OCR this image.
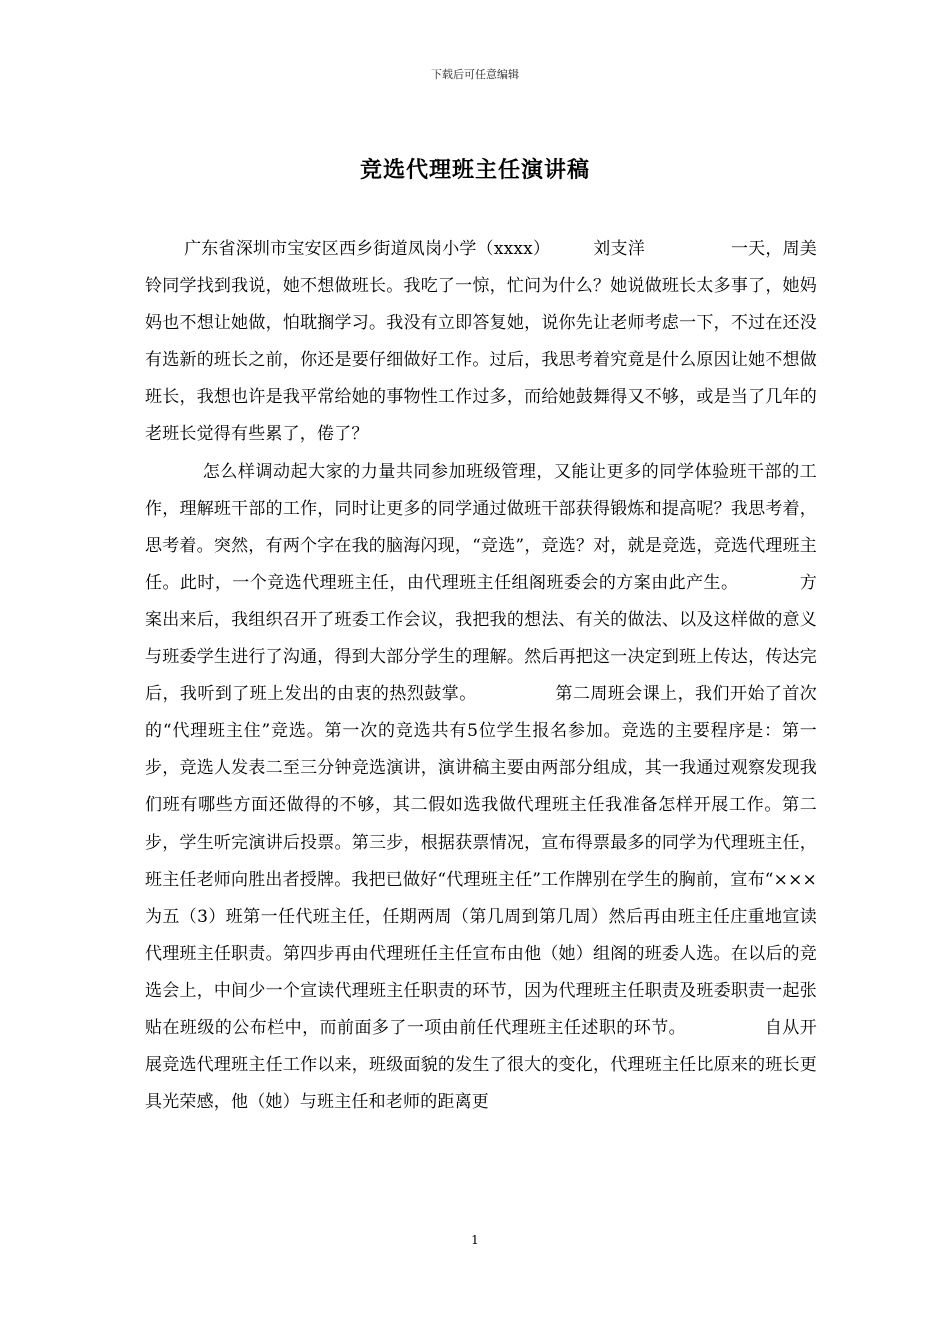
下载后可任意编辑
竞选代理班主任演讲稿

广东省深圳市宝安区西乡街道凤岗小学（xxxx）　　　刘支洋　　　　　一天，周美铃同学找到我说，她不想做班长。我吃了一惊，忙问为什么？她说做班长太多事了，她妈妈也不想让她做，怕耽搁学习。我没有立即答复她，说你先让老师考虑一下，不过在还没有选新的班长之前，你还是要仔细做好工作。过后，我思考着究竟是什么原因让她不想做班长，我想也许是我平常给她的事物性工作过多，而给她鼓舞得又不够，或是当了几年的老班长觉得有些累了，倦了？

怎么样调动起大家的力量共同参加班级管理，又能让更多的同学体验班干部的工作，理解班干部的工作，同时让更多的同学通过做班干部获得锻炼和提高呢？我思考着，思考着。突然，有两个字在我的脑海闪现，“竞选”，竞选？对，就是竞选，竞选代理班主任。此时，一个竞选代理班主任，由代理班主任组阁班委会的方案由此产生。　　　　方案出来后，我组织召开了班委工作会议，我把我的想法、有关的做法、以及这样做的意义与班委学生进行了沟通，得到大部分学生的理解。然后再把这一决定到班上传达，传达完后，我听到了班上发出的由衷的热烈鼓掌。　　　　　第二周班会课上，我们开始了首次的“代理班主住”竞选。第一次的竞选共有5位学生报名参加。竞选的主要程序是：第一步，竞选人发表二至三分钟竞选演讲，演讲稿主要由两部分组成，其一我通过观察发现我们班有哪些方面还做得的不够，其二假如选我做代理班主任我准备怎样开展工作。第二步，学生听完演讲后投票。第三步，根据获票情况，宣布得票最多的同学为代理班主任，班主任老师向胜出者授牌。我把已做好“代理班主任”工作牌别在学生的胸前，宣布“×××为五（3）班第一任代班主任，任期两周（第几周到第几周）然后再由班主任庄重地宣读代理班主任职责。第四步再由代理班任主任宣布由他（她）组阁的班委人选。在以后的竞选会上，中间少一个宣读代理班主任职责的环节，因为代理班主任职责及班委职责一起张贴在班级的公布栏中，而前面多了一项由前任代理班主任述职的环节。　　　　　自从开展竞选代理班主任工作以来，班级面貌的发生了很大的变化，代理班主任比原来的班长更具光荣感，他（她）与班主任和老师的距离更

1
